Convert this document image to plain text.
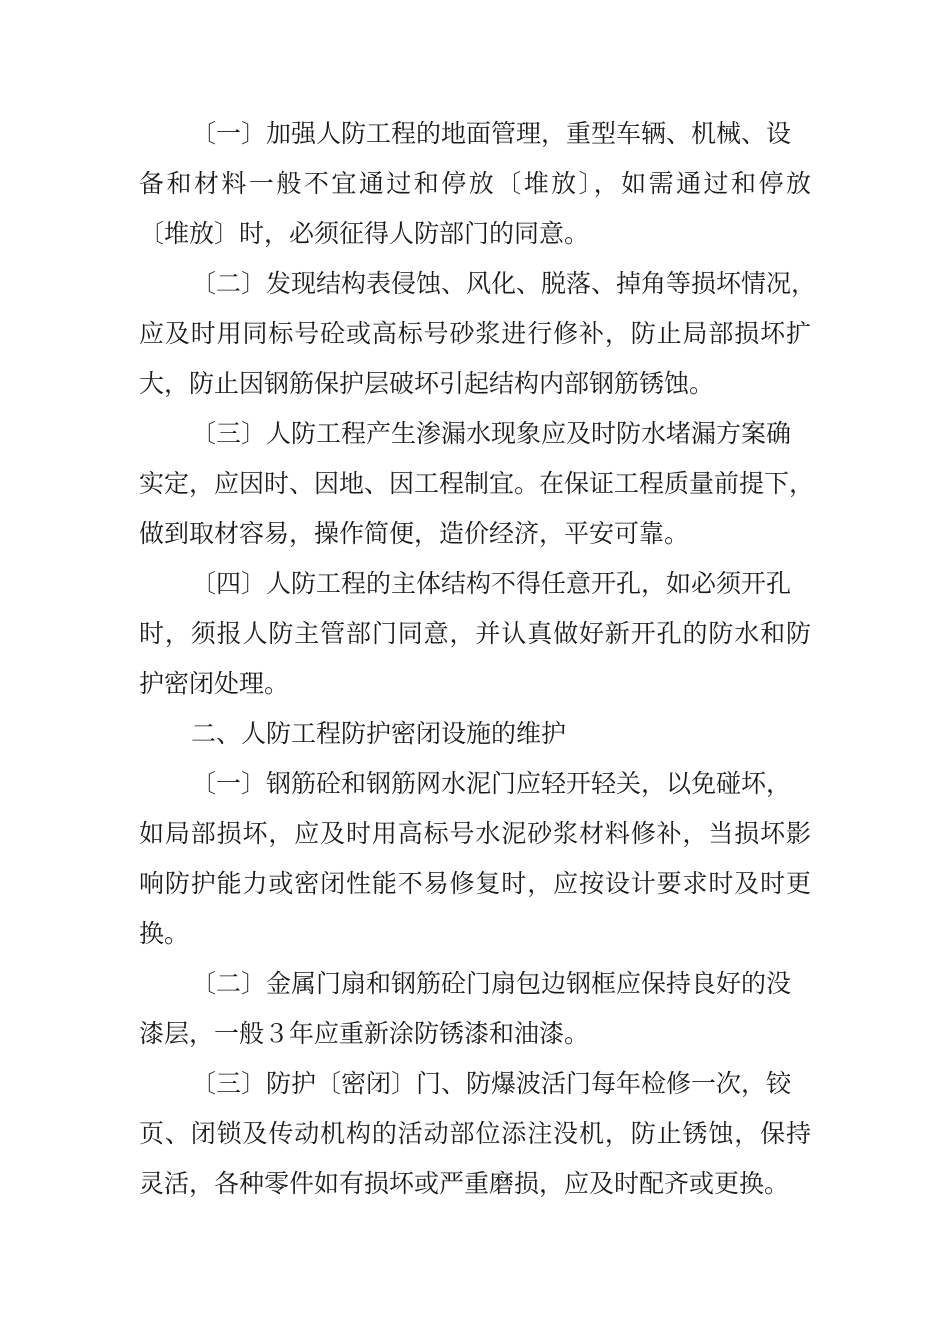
〔一〕加强人防工程的地面管理，重型车辆、机械、设

备和材料一般不宜通过和停放〔堆放〕，如需通过和停放

〔堆放〕时，必须征得人防部门的同意。

〔二〕发现结构表侵蚀、风化、脱落、掉角等损坏情况，

应及时用同标号砼或高标号砂浆进行修补，防止局部损坏扩

大，防止因钢筋保护层破坏引起结构内部钢筋锈蚀。

〔三〕人防工程产生渗漏水现象应及时防水堵漏方案确

实定，应因时、因地、因工程制宜。在保证工程质量前提下，

做到取材容易，操作简便，造价经济，平安可靠。

〔四〕人防工程的主体结构不得任意开孔，如必须开孔

时，须报人防主管部门同意，并认真做好新开孔的防水和防

护密闭处理。

二、人防工程防护密闭设施的维护

〔一〕钢筋砼和钢筋网水泥门应轻开轻关，以免碰坏，

如局部损坏，应及时用高标号水泥砂浆材料修补，当损坏影

响防护能力或密闭性能不易修复时，应按设计要求时及时更

换。

〔二〕金属门扇和钢筋砼门扇包边钢框应保持良好的没

漆层，一般３年应重新涂防锈漆和油漆。

〔三〕防护〔密闭〕门、防爆波活门每年检修一次，铰

页、闭锁及传动机构的活动部位添注没机，防止锈蚀，保持

灵活，各种零件如有损坏或严重磨损，应及时配齐或更换。
